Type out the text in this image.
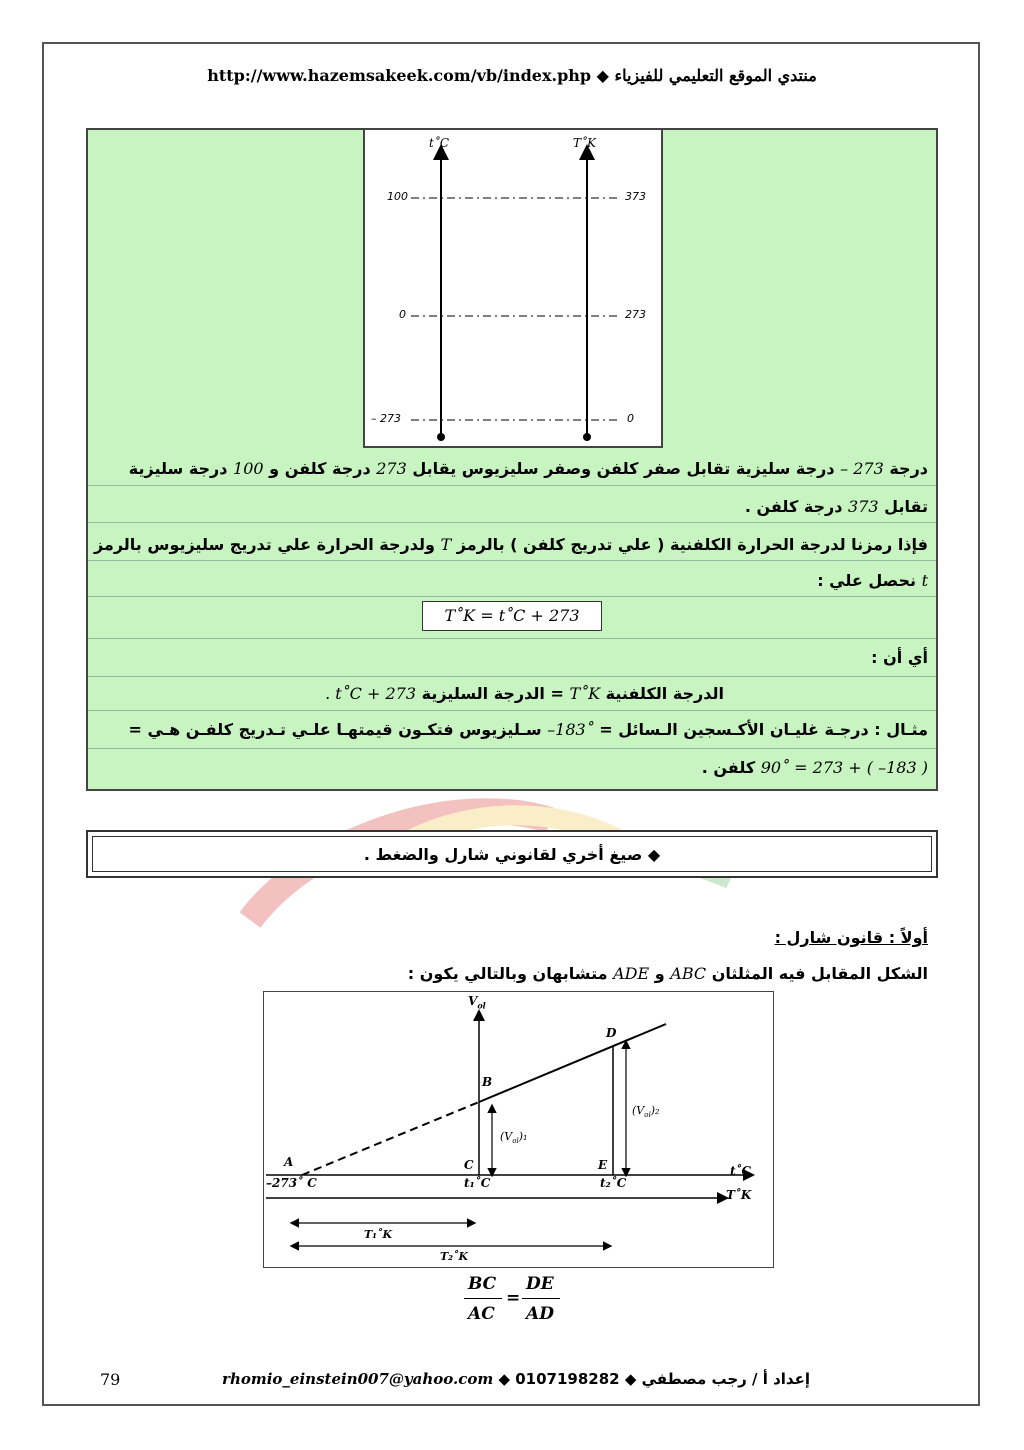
منتدي الموقع التعليمي للفيزياء ◆ http://www.hazemsakeek.com/vb/index.php
t˚C	T˚K
100
0
– 273
373
273
0
درجة 273 – درجة سليزية تقابل صفر كلفن وصفر سليزيوس يقابل 273 درجة كلفن و 100 درجة سليزية
تقابل 373 درجة كلفن .
فإذا رمزنا لدرجة الحرارة الكلفنية ( علي تدريج كلفن ) بالرمز T ولدرجة الحرارة علي تدريج سليزيوس بالرمز
t نحصل علي :
T˚K = t˚C + 273
أي أن :
الدرجة الكلفنية T˚K = الدرجة السليزية t˚C + 273 .
مثـال : درجـة غليـان الأكـسجين الـسائل = ˚183– سـليزيوس فتكـون قيمتهـا علـي تـدريج كلفـن هـي =
( 183– ) + 273 = ˚90 كلفن .
◆ صيغ أخري لقانوني شارل والضغط .
أولاً : قانون شارل :
الشكل المقابل فيه المثلثان ABC و ADE متشابهان وبالتالي يكون :
$V_{ol}$
A
B
C
D
E	t˚C
T˚K
–273˚ C	t₁˚C	t₂˚C
$(V_{ol})_1$
$(V_{ol})_2$
T₁˚K
T₂˚K
BC
AC
=
DE
AD
79	إعداد أ / رجب مصطفي ◆ 0107198282 ◆ rhomio_einstein007@yahoo.com
